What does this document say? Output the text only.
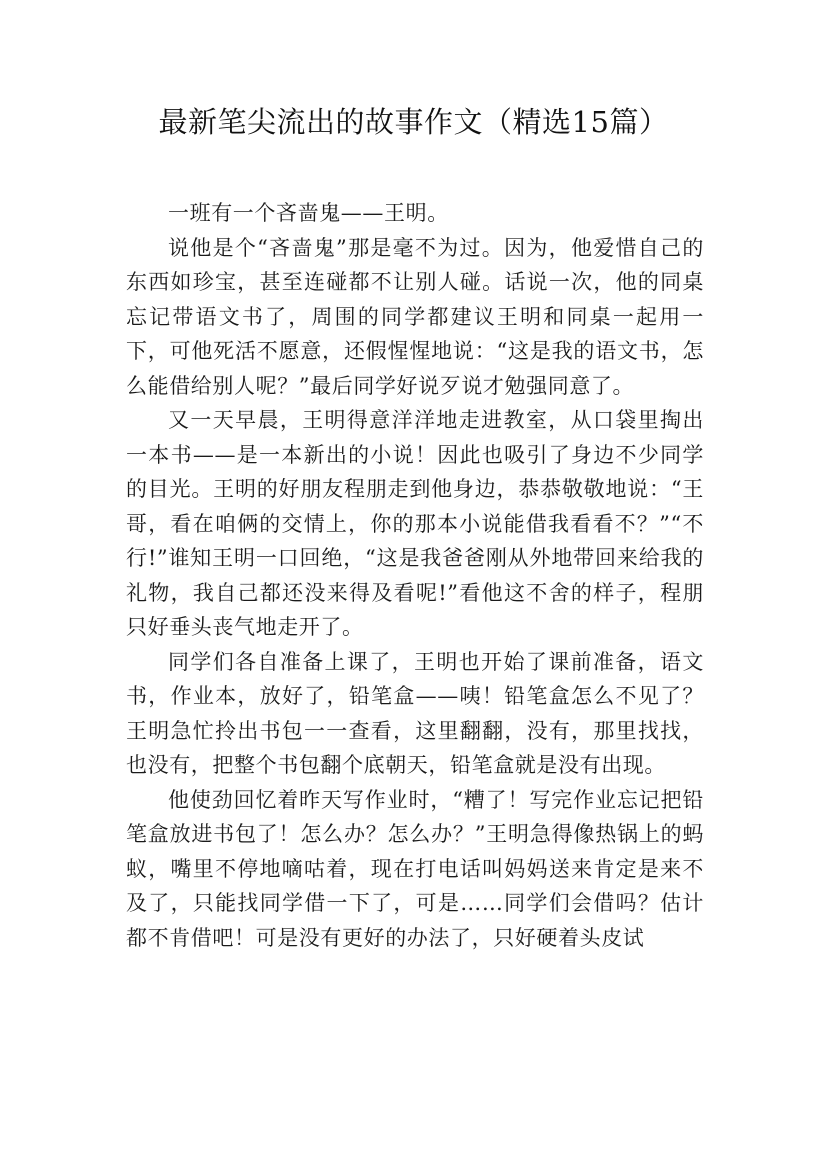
最新笔尖流出的故事作文（精选15篇）

一班有一个吝啬鬼——王明。

说他是个“吝啬鬼”那是毫不为过。因为，他爱惜自己的东西如珍宝，甚至连碰都不让别人碰。话说一次，他的同桌忘记带语文书了，周围的同学都建议王明和同桌一起用一下，可他死活不愿意，还假惺惺地说：“这是我的语文书，怎么能借给别人呢？”最后同学好说歹说才勉强同意了。

又一天早晨，王明得意洋洋地走进教室，从口袋里掏出一本书——是一本新出的小说！因此也吸引了身边不少同学的目光。王明的好朋友程朋走到他身边，恭恭敬敬地说：“王哥，看在咱俩的交情上，你的那本小说能借我看看不？”“不行!”谁知王明一口回绝，“这是我爸爸刚从外地带回来给我的礼物，我自己都还没来得及看呢!”看他这不舍的样子，程朋只好垂头丧气地走开了。

同学们各自准备上课了，王明也开始了课前准备，语文书，作业本，放好了，铅笔盒——咦！铅笔盒怎么不见了？王明急忙拎出书包一一查看，这里翻翻，没有，那里找找，也没有，把整个书包翻个底朝天，铅笔盒就是没有出现。

他使劲回忆着昨天写作业时，“糟了！写完作业忘记把铅笔盒放进书包了！怎么办？怎么办？”王明急得像热锅上的蚂蚁，嘴里不停地嘀咕着，现在打电话叫妈妈送来肯定是来不及了，只能找同学借一下了，可是……同学们会借吗？估计都不肯借吧！可是没有更好的办法了，只好硬着头皮试
